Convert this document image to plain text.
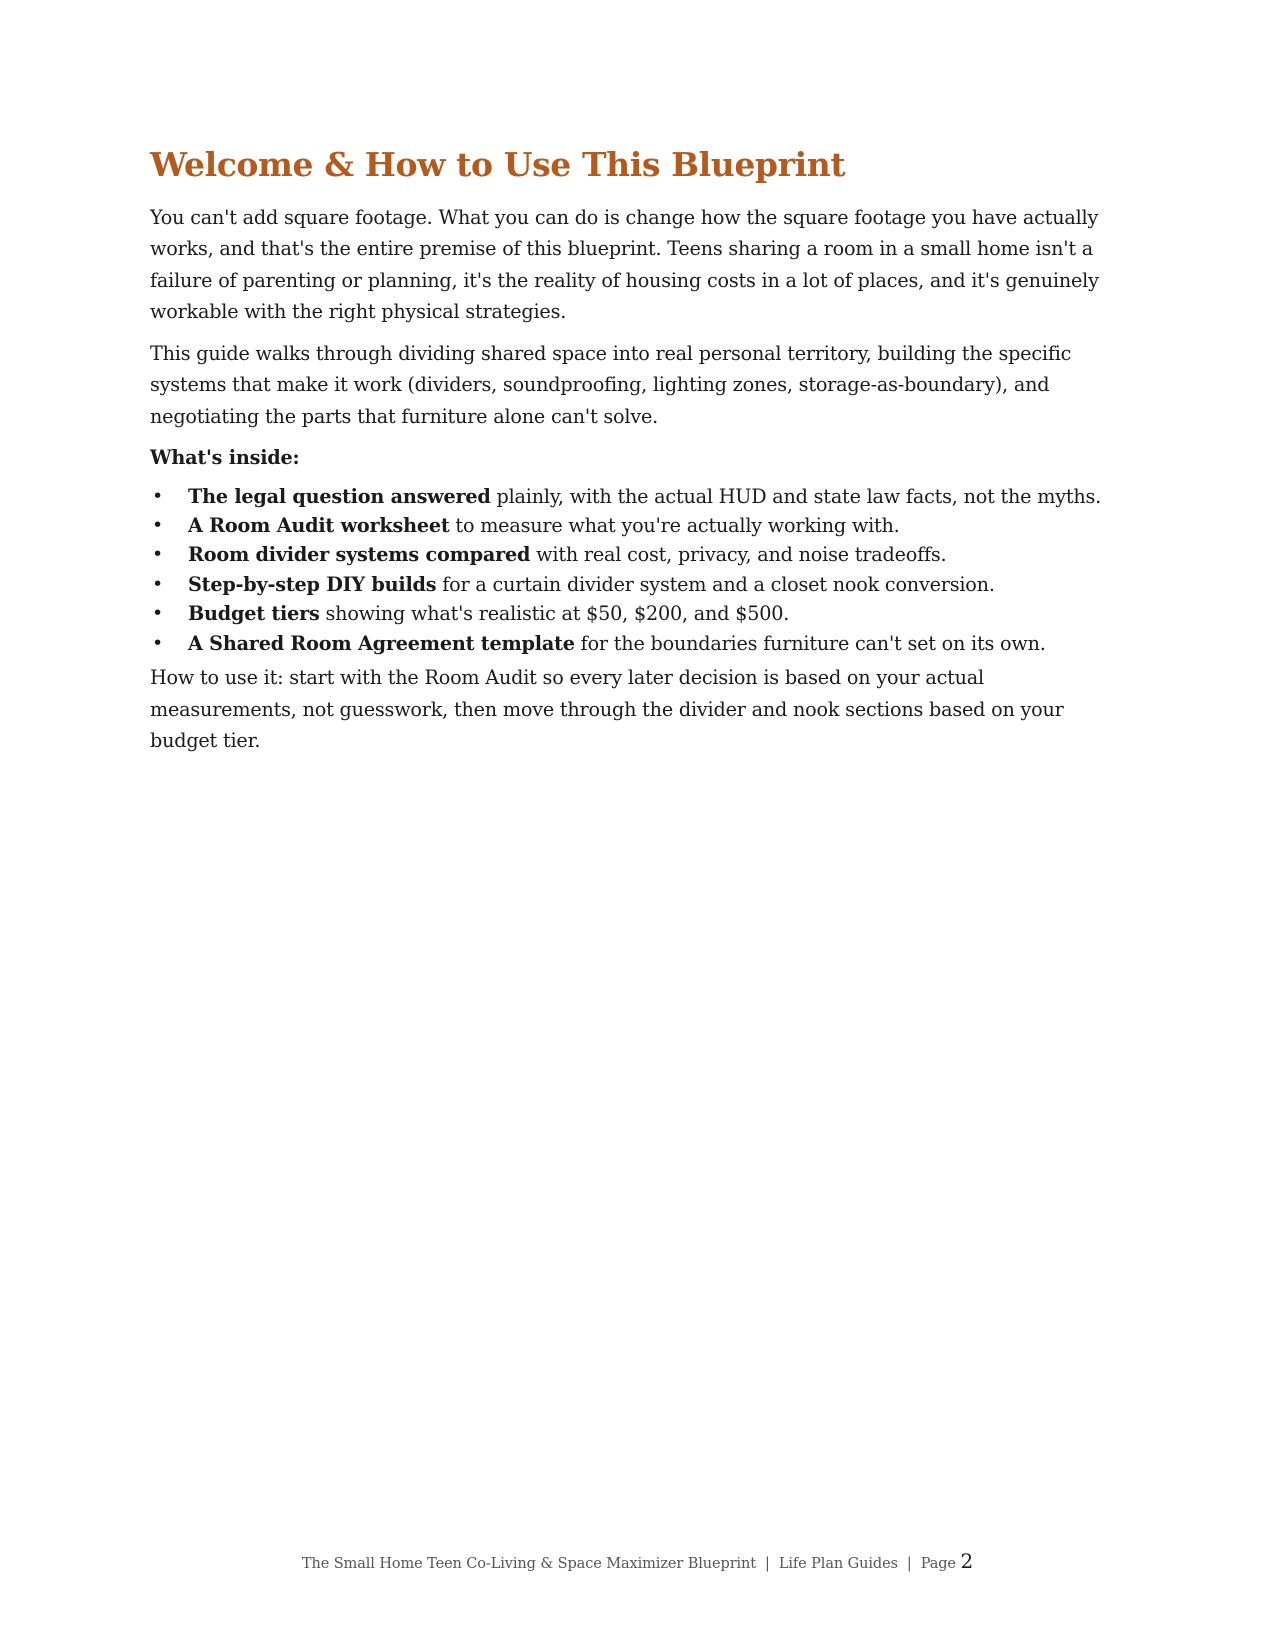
Welcome & How to Use This Blueprint

You can't add square footage. What you can do is change how the square footage you have actually works, and that's the entire premise of this blueprint. Teens sharing a room in a small home isn't a failure of parenting or planning, it's the reality of housing costs in a lot of places, and it's genuinely workable with the right physical strategies.

This guide walks through dividing shared space into real personal territory, building the specific systems that make it work (dividers, soundproofing, lighting zones, storage-as-boundary), and negotiating the parts that furniture alone can't solve.

What's inside:

• The legal question answered plainly, with the actual HUD and state law facts, not the myths.
• A Room Audit worksheet to measure what you're actually working with.
• Room divider systems compared with real cost, privacy, and noise tradeoffs.
• Step-by-step DIY builds for a curtain divider system and a closet nook conversion.
• Budget tiers showing what's realistic at $50, $200, and $500.
• A Shared Room Agreement template for the boundaries furniture can't set on its own.

How to use it: start with the Room Audit so every later decision is based on your actual measurements, not guesswork, then move through the divider and nook sections based on your budget tier.

The Small Home Teen Co-Living & Space Maximizer Blueprint | Life Plan Guides | Page 2
